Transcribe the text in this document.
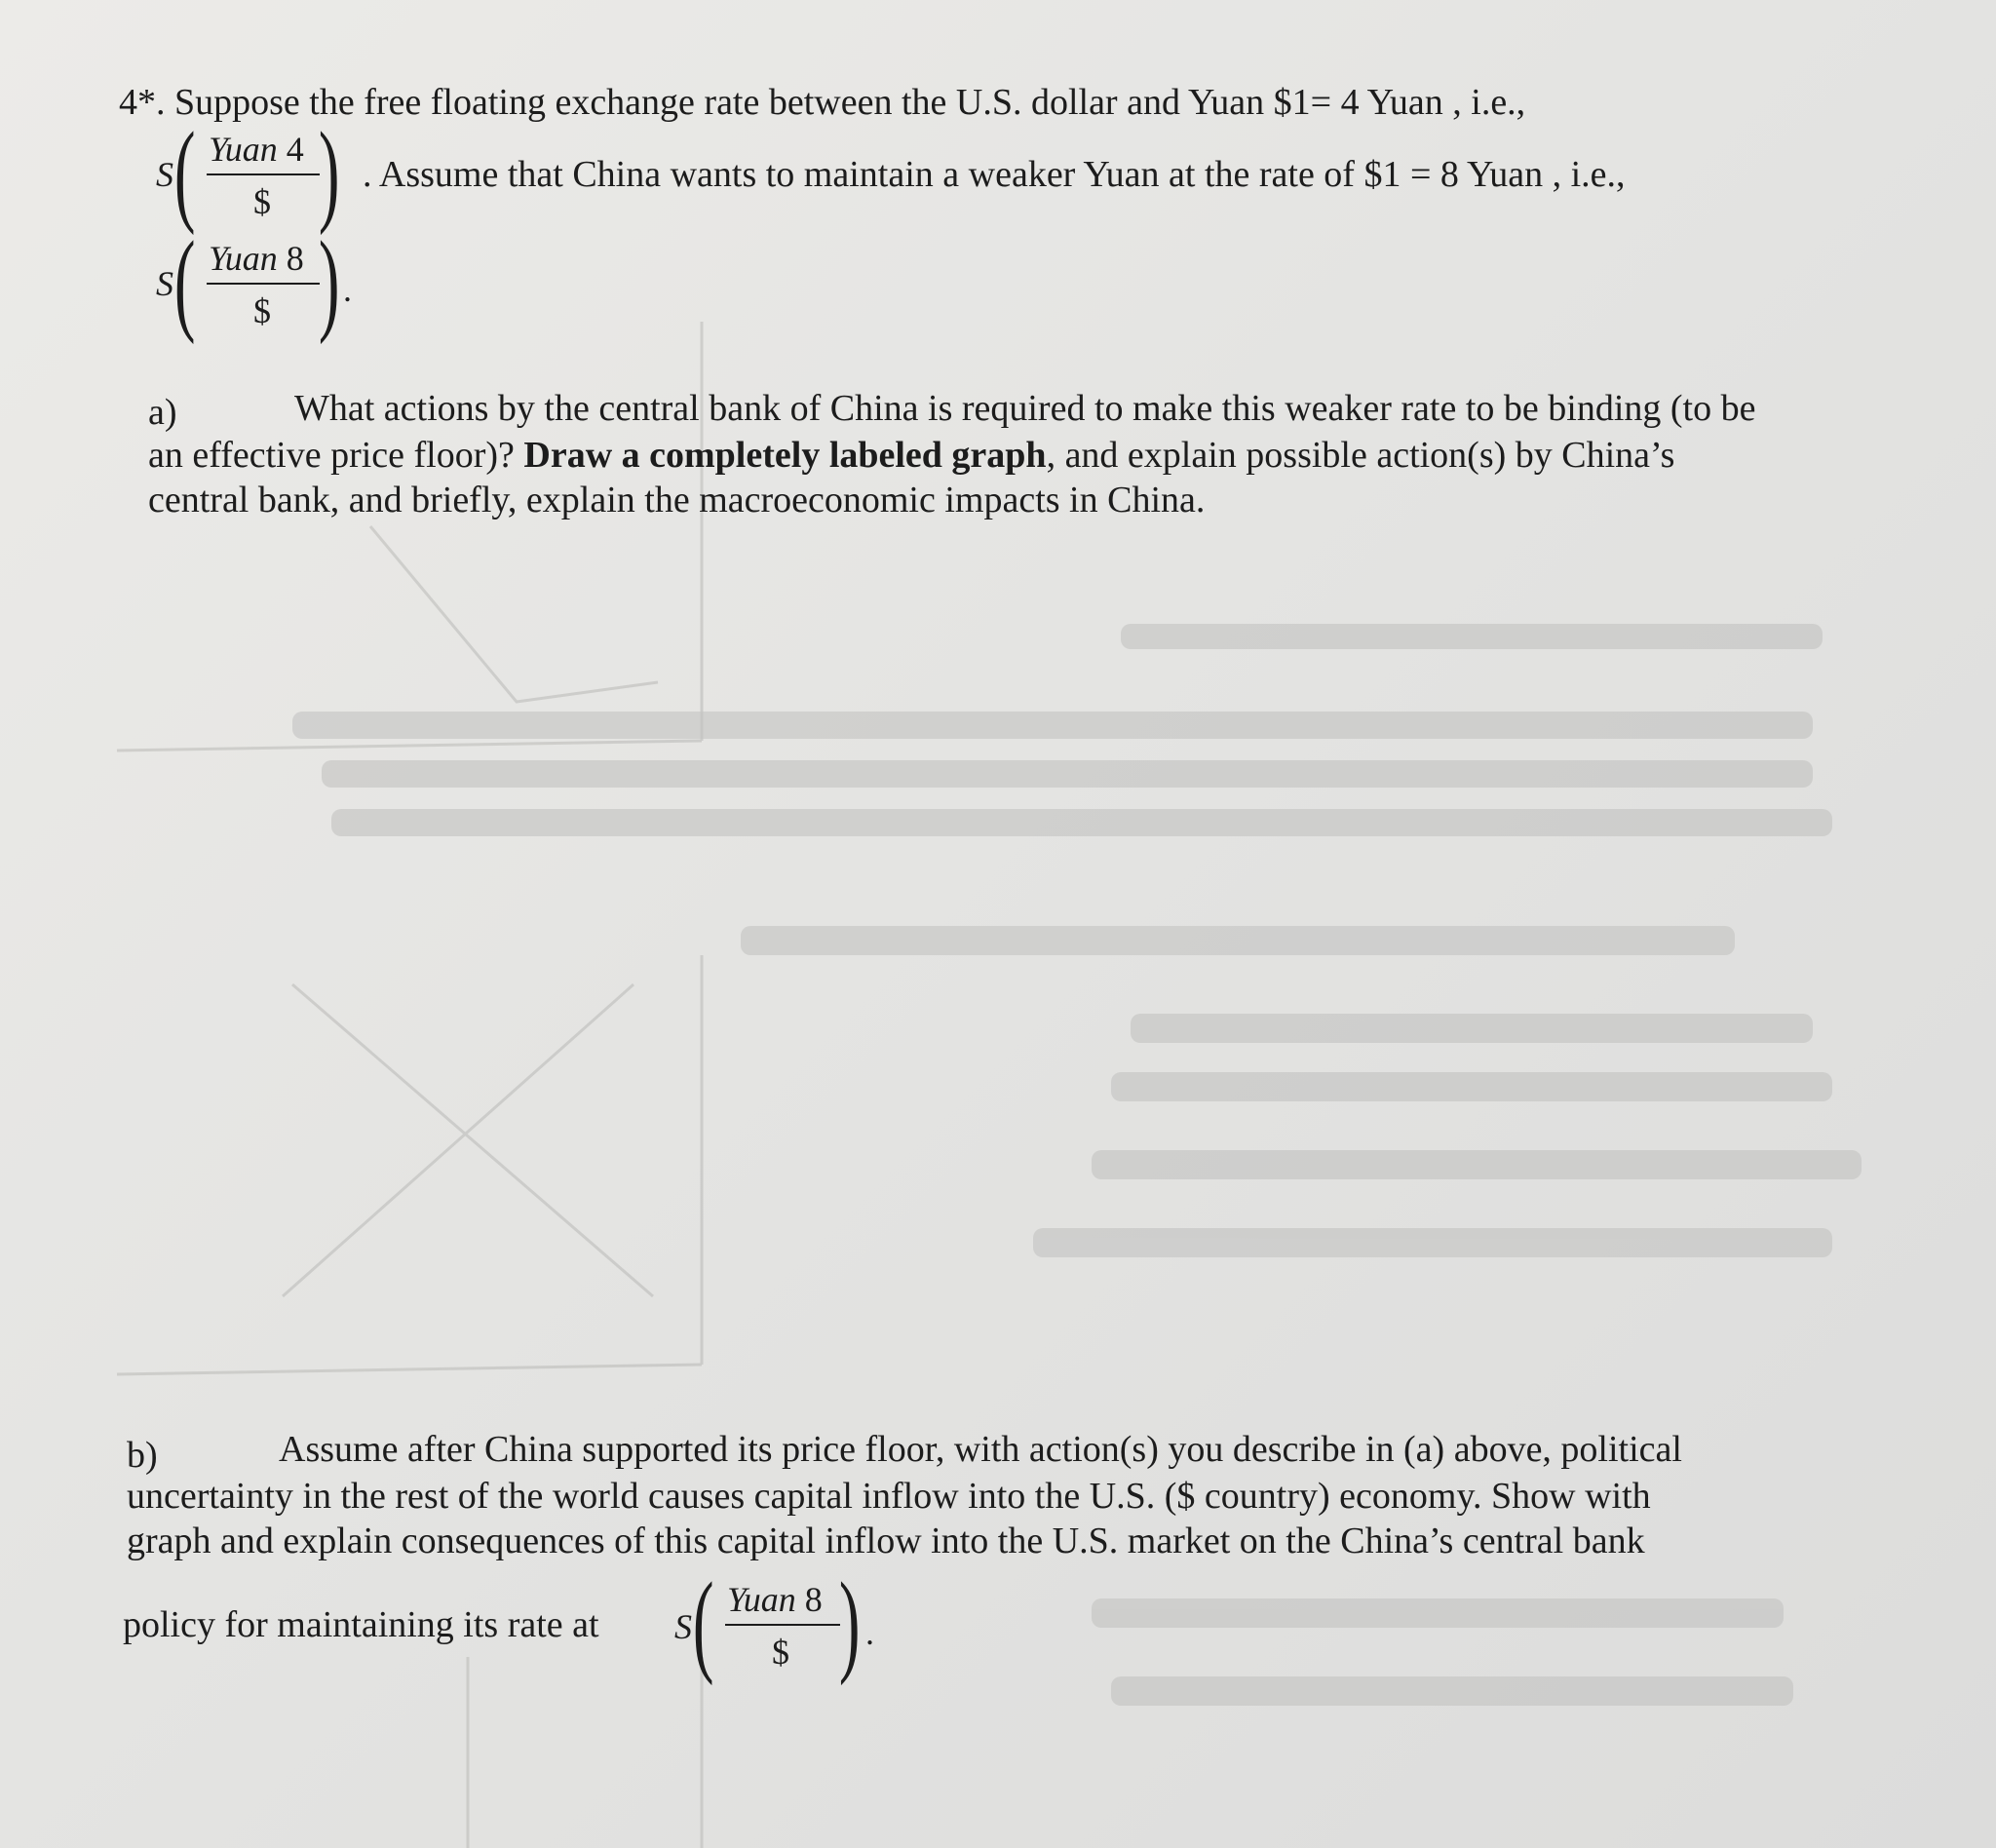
4*. Suppose the free floating exchange rate between the U.S. dollar and Yuan $1= 4 Yuan , i.e.,
S ( Yuan 4
$ ) . Assume that China wants to maintain a weaker Yuan at the rate of $1 = 8 Yuan , i.e.,
S ( Yuan 8
$ ) .
a)	What actions by the central bank of China is required to make this weaker rate to be binding (to be
an effective price floor)? Draw a completely labeled graph, and explain possible action(s) by China’s
central bank, and briefly, explain the macroeconomic impacts in China.
b)	Assume after China supported its price floor, with action(s) you describe in (a) above, political
uncertainty in the rest of the world causes capital inflow into the U.S. ($ country) economy. Show with
graph and explain consequences of this capital inflow into the U.S. market on the China’s central bank
policy for maintaining its rate at S ( Yuan 8
$ ) .
